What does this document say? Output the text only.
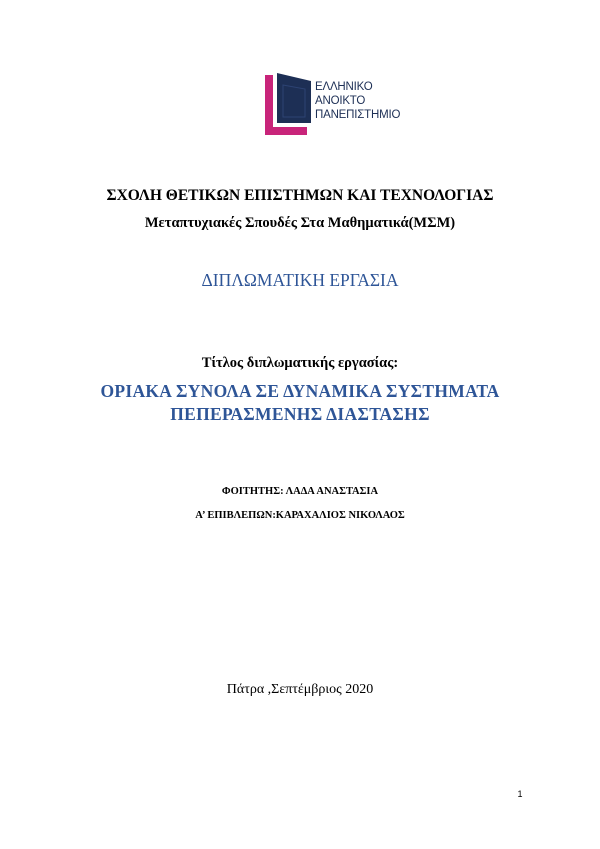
ΕΛΛΗΝΙΚΟ
ΑΝΟΙΚΤΟ
ΠΑΝΕΠΙΣΤΗΜΙΟ
ΣΧΟΛΗ ΘΕΤΙΚΩΝ ΕΠΙΣΤΗΜΩΝ ΚΑΙ ΤΕΧΝΟΛΟΓΙΑΣ
Μεταπτυχιακές Σπουδές Στα Μαθηματικά(ΜΣΜ)
ΔΙΠΛΩΜΑΤΙΚΗ ΕΡΓΑΣΙΑ
Τίτλος διπλωματικής εργασίας:
ΟΡΙΑΚΑ ΣΥΝΟΛΑ ΣΕ ΔΥΝΑΜΙΚΑ ΣΥΣΤΗΜΑΤΑ
ΠΕΠΕΡΑΣΜΕΝΗΣ ΔΙΑΣΤΑΣΗΣ
ΦΟΙΤΗΤΗΣ: ΛΑΔΑ ΑΝΑΣΤΑΣΙΑ
Α’ ΕΠΙΒΛΕΠΩΝ:ΚΑΡΑΧΑΛΙΟΣ ΝΙΚΟΛΑΟΣ
Πάτρα ,Σεπτέμβριος 2020
1
